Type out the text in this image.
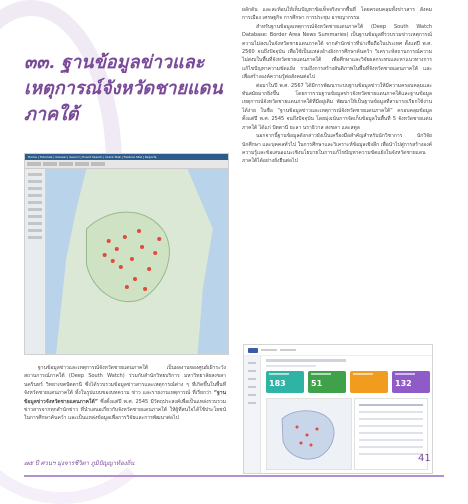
๓๓. ฐานข้อมูลข่าวและเหตุการณ์จังหวัดชายแดนภาคใต้

ผลักดัน และสะท้อนให้เห็นปัญหาข้อเท็จจริงจากพื้นที่ โดยครอบคลุมทั้งข่าวสาร สังคม การเมือง เศรษฐกิจ การศึกษา การประชุม อาชญากรรม

สำหรับฐานข้อมูลเหตุการณ์จังหวัดชายแดนภาคใต้ (Deep South Watch Database: Border Area News Summaries) เป็นฐานข้อมูลที่รวบรวมข่าวเหตุการณ์ความไม่สงบในจังหวัดชายแดนภาคใต้ จากสำนักข่าวที่น่าเชื่อถือในประเทศ ตั้งแต่ปี พ.ศ. 2560 จนถึงปัจจุบัน เพื่อใช้เป็นแหล่งอ้างอิงการศึกษาค้นคว้า วิเคราะห์สถานการณ์ความไม่สงบในพื้นที่จังหวัดชายแดนภาคใต้ เพื่อศึกษาและวิจัยผลกระทบและหาแนวทางการแก้ไขปัญหาความขัดแย้ง รวมถึงการสร้างสันติภาพในพื้นที่จังหวัดชายแดนภาคใต้ และเพื่อสร้างองค์ความรู้ต่อสังคมต่อไป

ต่อมาในปี พ.ศ. 2567 ได้มีการพัฒนาระบบฐานข้อมูลข่าวให้มีความครอบคลุมและทันสมัยมากยิ่งขึ้น โดยการรวมฐานข้อมูลข่าวจังหวัดชายแดนภาคใต้และฐานข้อมูลเหตุการณ์จังหวัดชายแดนภาคใต้ที่มีอยู่เดิม พัฒนาให้เป็นฐานข้อมูลที่สามารถเรียกใช้งานได้ง่าย ในชื่อ “ฐานข้อมูลข่าวและเหตุการณ์จังหวัดชายแดนภาคใต้” ครอบคลุมข้อมูลตั้งแต่ปี พ.ศ. 2545 จนถึงปัจจุบัน โดยมุ่งเน้นการจัดเก็บข้อมูลในพื้นที่ 5 จังหวัดชายแดนภาคใต้ ได้แก่ ปัตตานี ยะลา นราธิวาส สงขลา และสตูล

นอกจากนี้ฐานข้อมูลดังกล่าวยังเป็นเครื่องมือสำคัญสำหรับนักวิชาการ นักวิจัย นักศึกษา และบุคคลทั่วไป ในการศึกษาและวิเคราะห์ข้อมูลเชิงลึก เพื่อนำไปสู่การสร้างองค์ความรู้และข้อเสนอแนะเชิงนโยบายในการแก้ไขปัญหาความขัดแย้งในจังหวัดชายแดนภาคใต้ได้อย่างยั่งยืนต่อไป

Home | Tutorials | Glossary Search | Event Search | Quick Stat | Feature Stat | Reports

ฐานข้อมูลข่าวและเหตุการณ์จังหวัดชายแดนภาคใต้ เป็นผลงานของศูนย์เฝ้าระวังสถานการณ์ภาคใต้ (Deep South Watch) ร่วมกับสำนักวิทยบริการ มหาวิทยาลัยสงขลานครินทร์ วิทยาเขตปัตตานี ซึ่งได้รวบรวมข้อมูลข่าวสารและเหตุการณ์ต่าง ๆ ที่เกิดขึ้นในพื้นที่จังหวัดชายแดนภาคใต้ ทั้งในรูปแบบของบทความ ข่าว และรายงานเหตุการณ์ ที่เรียกว่า “ฐานข้อมูลข่าวจังหวัดชายแดนภาคใต้” ซึ่งตั้งแต่ปี พ.ศ. 2545 มีวัตถุประสงค์เพื่อเป็นแหล่งรวบรวมข่าวสารจากทุกสำนักข่าว ที่นำเสนอเกี่ยวกับจังหวัดชายแดนภาคใต้ ให้ผู้ที่สนใจได้ใช้ประโยชน์ในการศึกษาค้นคว้า และเป็นแหล่งข้อมูลเพื่อการวิจัยและการพัฒนาต่อไป

183	51	132
๗๕ ปี ศวนฯ มุ่งจารชีวิตา ภูมิปัญญาท้องถิ่น	41
